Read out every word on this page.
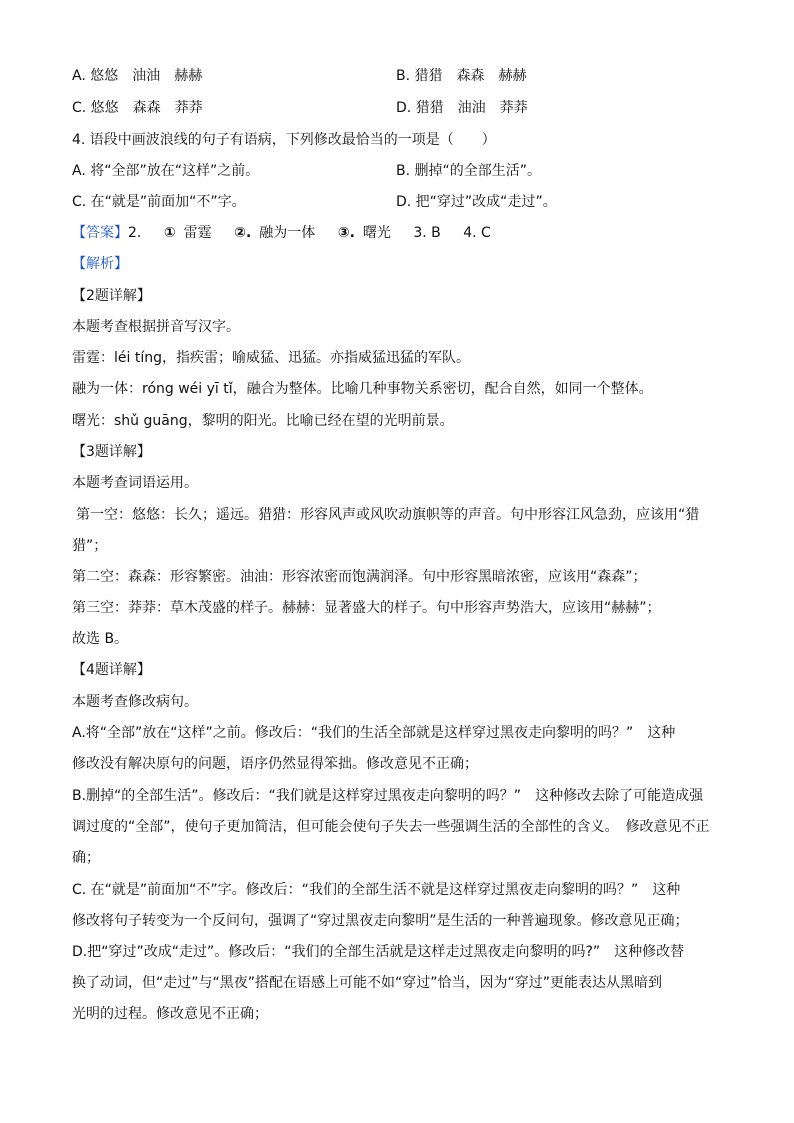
A. 悠悠　油油　赫赫	B. 猎猎　森森　赫赫
C. 悠悠　森森　莽莽	D. 猎猎　油油　莽莽
4. 语段中画波浪线的句子有语病，下列修改最恰当的一项是（　　）
A. 将“全部”放在“这样”之前。	B. 删掉“的全部生活”。
C. 在“就是”前面加“不”字。	D. 把“穿过”改成“走过”。
【答案】2. ① 雷霆 ②. 融为一体 ③. 曙光 3. B 4. C
【解析】
【2题详解】
本题考查根据拼音写汉字。
雷霆：léi tíng，指疾雷；喻威猛、迅猛。亦指威猛迅猛的军队。
融为一体：róng wéi yī tǐ，融合为整体。比喻几种事物关系密切，配合自然，如同一个整体。
曙光：shǔ guāng，黎明的阳光。比喻已经在望的光明前景。
【3题详解】
本题考查词语运用。
第一空：悠悠：长久；遥远。猎猎：形容风声或风吹动旗帜等的声音。句中形容江风急劲，应该用“猎
猎”；
第二空：森森：形容繁密。油油：形容浓密而饱满润泽。句中形容黑暗浓密，应该用“森森”；
第三空：莽莽：草木茂盛的样子。赫赫：显著盛大的样子。句中形容声势浩大，应该用“赫赫”；
故选 B。
【4题详解】
本题考查修改病句。
A.将“全部”放在“这样”之前。修改后：“我们的生活全部就是这样穿过黑夜走向黎明的吗？”　这种
修改没有解决原句的问题，语序仍然显得笨拙。修改意见不正确；
B.删掉“的全部生活”。修改后：“我们就是这样穿过黑夜走向黎明的吗？”　这种修改去除了可能造成强
调过度的“全部”，使句子更加简洁，但可能会使句子失去一些强调生活的全部性的含义。　修改意见不正
确；
C. 在“就是”前面加“不”字。修改后：“我们的全部生活不就是这样穿过黑夜走向黎明的吗？”　这种
修改将句子转变为一个反问句，强调了“穿过黑夜走向黎明”是生活的一种普遍现象。修改意见正确；
D.把“穿过”改成“走过”。修改后：“我们的全部生活就是这样走过黑夜走向黎明的吗?”　这种修改替
换了动词，但“走过”与“黑夜”搭配在语感上可能不如“穿过”恰当，因为“穿过”更能表达从黑暗到
光明的过程。修改意见不正确；
